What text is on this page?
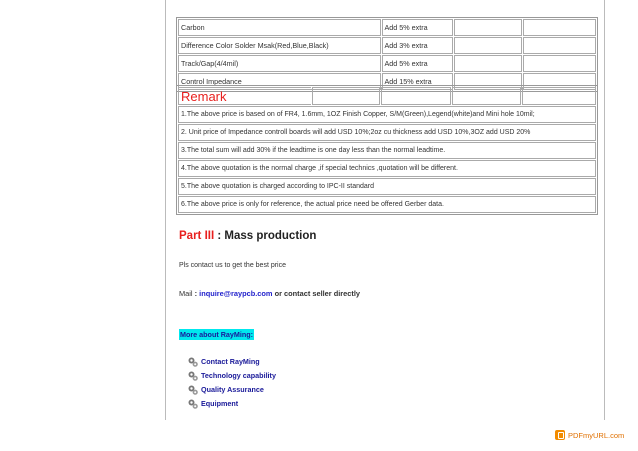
Carbon	Add 5% extra		
Difference Color Solder Msak(Red,Blue,Black)	Add 3% extra		
Track/Gap(4/4mil)	Add 5% extra		
Control Impedance	Add 15% extra		
Remark				
1.The above price is based on of FR4, 1.6mm, 1OZ Finish Copper, S/M(Green),Legend(white)and Mini hole 10mil;
2. Unit price of Impedance controll boards will add USD 10%;2oz cu thickness add USD 10%,3OZ add USD 20%
3.The total sum will add 30% if the leadtime is one day less than the normal leadtime.
4.The above quotation is the normal charge ,if special technics ,quotation will be different.
5.The above quotation is charged according to IPC-II standard
6.The above price is only for reference, the actual price need be offered Gerber data.
Part III : Mass production
Pls contact us to get the best price
Mail : inquire@raypcb.com or contact seller directly
More about RayMing:
Contact RayMing
Technology capability
Quality Assurance
Equipment
PDFmyURL.com
